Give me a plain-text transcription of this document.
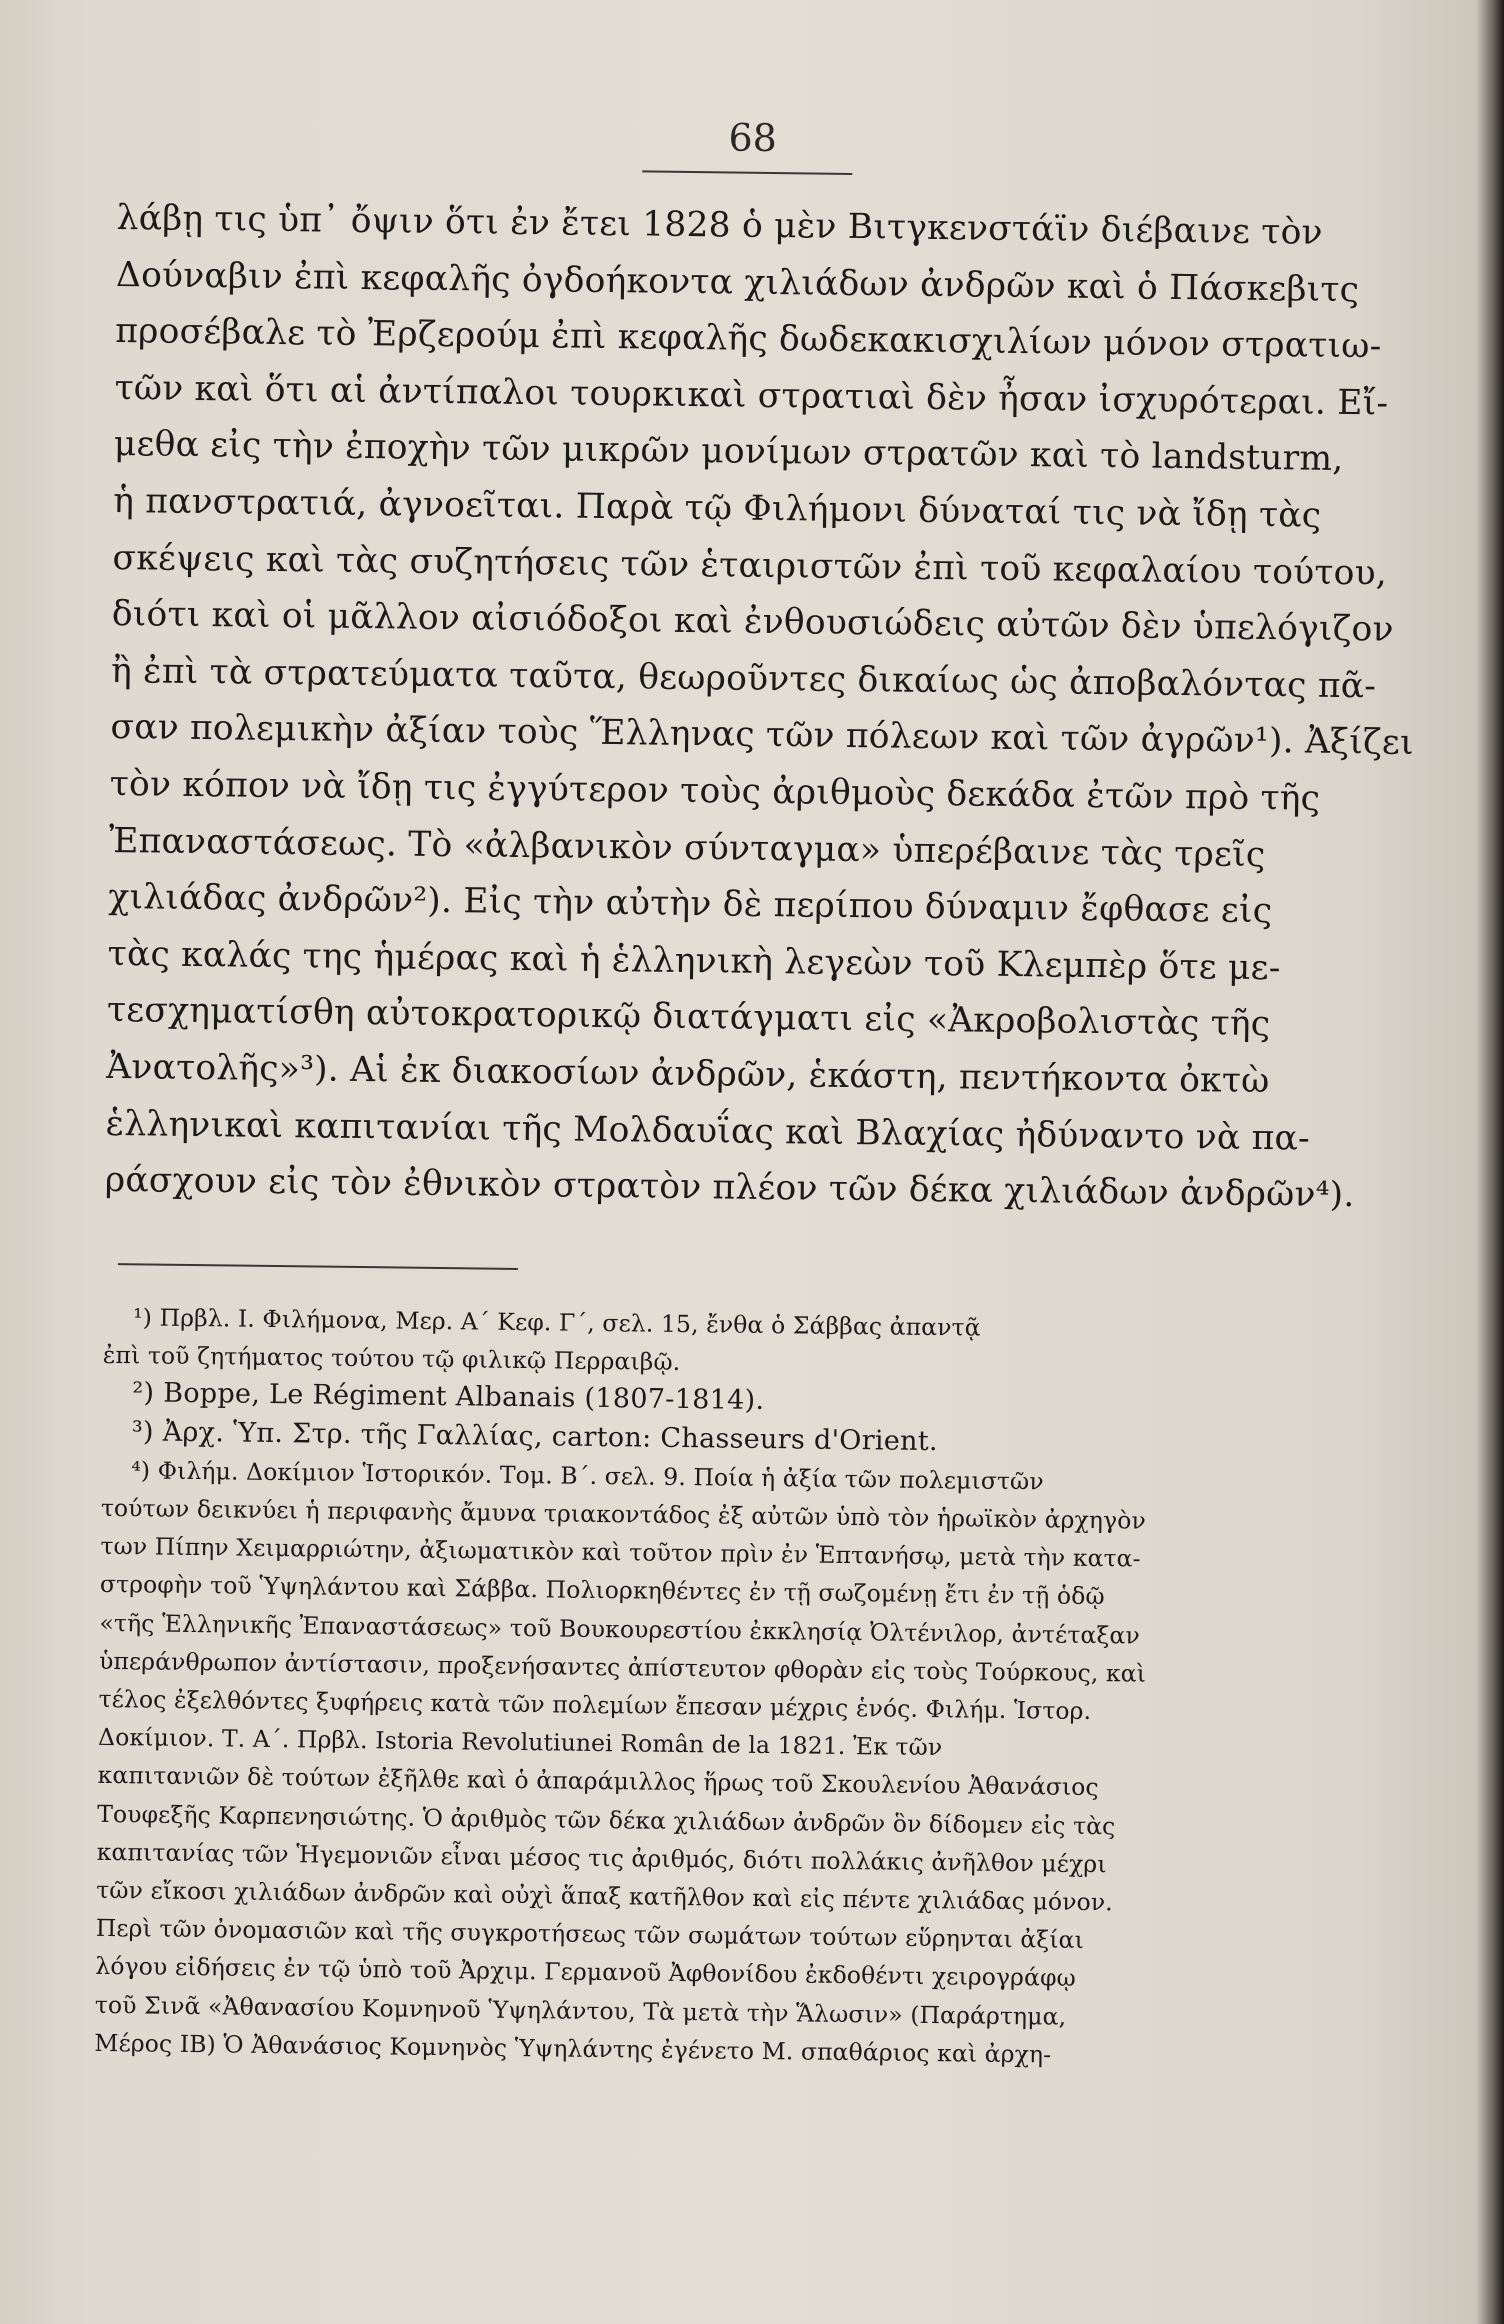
68
λάβῃ τις ὑπ᾽ ὄψιν ὅτι ἐν ἔτει 1828 ὁ μὲν Βιτγκενστάϊν διέβαινε τὸν
Δούναβιν ἐπὶ κεφαλῆς ὀγδοήκοντα χιλιάδων ἀνδρῶν καὶ ὁ Πάσκεβιτς
προσέβαλε τὸ Ἐρζερούμ ἐπὶ κεφαλῆς δωδεκακισχιλίων μόνον στρατιω-
τῶν καὶ ὅτι αἱ ἀντίπαλοι τουρκικαὶ στρατιαὶ δὲν ἦσαν ἰσχυρότεραι. Εἴ-
μεθα εἰς τὴν ἐποχὴν τῶν μικρῶν μονίμων στρατῶν καὶ τὸ landsturm,
ἡ πανστρατιά, ἀγνοεῖται. Παρὰ τῷ Φιλήμονι δύναταί τις νὰ ἴδῃ τὰς
σκέψεις καὶ τὰς συζητήσεις τῶν ἑταιριστῶν ἐπὶ τοῦ κεφαλαίου τούτου,
διότι καὶ οἱ μᾶλλον αἰσιόδοξοι καὶ ἐνθουσιώδεις αὐτῶν δὲν ὑπελόγιζον
ἢ ἐπὶ τὰ στρατεύματα ταῦτα, θεωροῦντες δικαίως ὡς ἀποβαλόντας πᾶ-
σαν πολεμικὴν ἀξίαν τοὺς Ἕλληνας τῶν πόλεων καὶ τῶν ἀγρῶν¹). Ἀξίζει
τὸν κόπον νὰ ἴδῃ τις ἐγγύτερον τοὺς ἀριθμοὺς δεκάδα ἐτῶν πρὸ τῆς
Ἐπαναστάσεως. Τὸ «ἀλβανικὸν σύνταγμα» ὑπερέβαινε τὰς τρεῖς
χιλιάδας ἀνδρῶν²). Εἰς τὴν αὐτὴν δὲ περίπου δύναμιν ἔφθασε εἰς
τὰς καλάς της ἡμέρας καὶ ἡ ἑλληνικὴ λεγεὼν τοῦ Κλεμπὲρ ὅτε με-
τεσχηματίσθη αὐτοκρατορικῷ διατάγματι εἰς «Ἀκροβολιστὰς τῆς
Ἀνατολῆς»³). Αἱ ἐκ διακοσίων ἀνδρῶν, ἑκάστη, πεντήκοντα ὀκτὼ
ἑλληνικαὶ καπιτανίαι τῆς Μολδαυΐας καὶ Βλαχίας ἠδύναντο νὰ πα-
ράσχουν εἰς τὸν ἐθνικὸν στρατὸν πλέον τῶν δέκα χιλιάδων ἀνδρῶν⁴).
¹) Πρβλ. Ι. Φιλήμονα, Μερ. Α΄ Κεφ. Γ΄, σελ. 15, ἔνθα ὁ Σάββας ἀπαντᾷ
ἐπὶ τοῦ ζητήματος τούτου τῷ φιλικῷ Περραιβῷ.
²) Boppe, Le Régiment Albanais (1807-1814).
³) Ἀρχ. Ὑπ. Στρ. τῆς Γαλλίας, carton: Chasseurs d'Orient.
⁴) Φιλήμ. Δοκίμιον Ἱστορικόν. Τομ. Β΄. σελ. 9. Ποία ἡ ἀξία τῶν πολεμιστῶν
τούτων δεικνύει ἡ περιφανὴς ἄμυνα τριακοντάδος ἐξ αὐτῶν ὑπὸ τὸν ἡρωϊκὸν ἀρχηγὸν
των Πίπην Χειμαρριώτην, ἀξιωματικὸν καὶ τοῦτον πρὶν ἐν Ἑπτανήσῳ, μετὰ τὴν κατα-
στροφὴν τοῦ Ὑψηλάντου καὶ Σάββα. Πολιορκηθέντες ἐν τῇ σωζομένῃ ἔτι ἐν τῇ ὁδῷ
«τῆς Ἑλληνικῆς Ἐπαναστάσεως» τοῦ Βουκουρεστίου ἐκκλησίᾳ Ὀλτένιλορ, ἀντέταξαν
ὑπεράνθρωπον ἀντίστασιν, προξενήσαντες ἀπίστευτον φθορὰν εἰς τοὺς Τούρκους, καὶ
τέλος ἐξελθόντες ξυφήρεις κατὰ τῶν πολεμίων ἔπεσαν μέχρις ἑνός. Φιλήμ. Ἱστορ.
Δοκίμιον. Τ. Α΄. Πρβλ. Istoria Revolutiunei Român de la 1821. Ἐκ τῶν
καπιτανιῶν δὲ τούτων ἐξῆλθε καὶ ὁ ἀπαράμιλλος ἥρως τοῦ Σκουλενίου Ἀθανάσιος
Τουφεξῆς Καρπενησιώτης. Ὁ ἀριθμὸς τῶν δέκα χιλιάδων ἀνδρῶν ὃν δίδομεν εἰς τὰς
καπιτανίας τῶν Ἡγεμονιῶν εἶναι μέσος τις ἀριθμός, διότι πολλάκις ἀνῆλθον μέχρι
τῶν εἴκοσι χιλιάδων ἀνδρῶν καὶ οὐχὶ ἅπαξ κατῆλθον καὶ εἰς πέντε χιλιάδας μόνον.
Περὶ τῶν ὀνομασιῶν καὶ τῆς συγκροτήσεως τῶν σωμάτων τούτων εὕρηνται ἀξίαι
λόγου εἰδήσεις ἐν τῷ ὑπὸ τοῦ Ἀρχιμ. Γερμανοῦ Ἀφθονίδου ἐκδοθέντι χειρογράφῳ
τοῦ Σινᾶ «Ἀθανασίου Κομνηνοῦ Ὑψηλάντου, Τὰ μετὰ τὴν Ἅλωσιν» (Παράρτημα,
Μέρος ΙΒ) Ὁ Ἀθανάσιος Κομνηνὸς Ὑψηλάντης ἐγένετο Μ. σπαθάριος καὶ ἀρχη-
